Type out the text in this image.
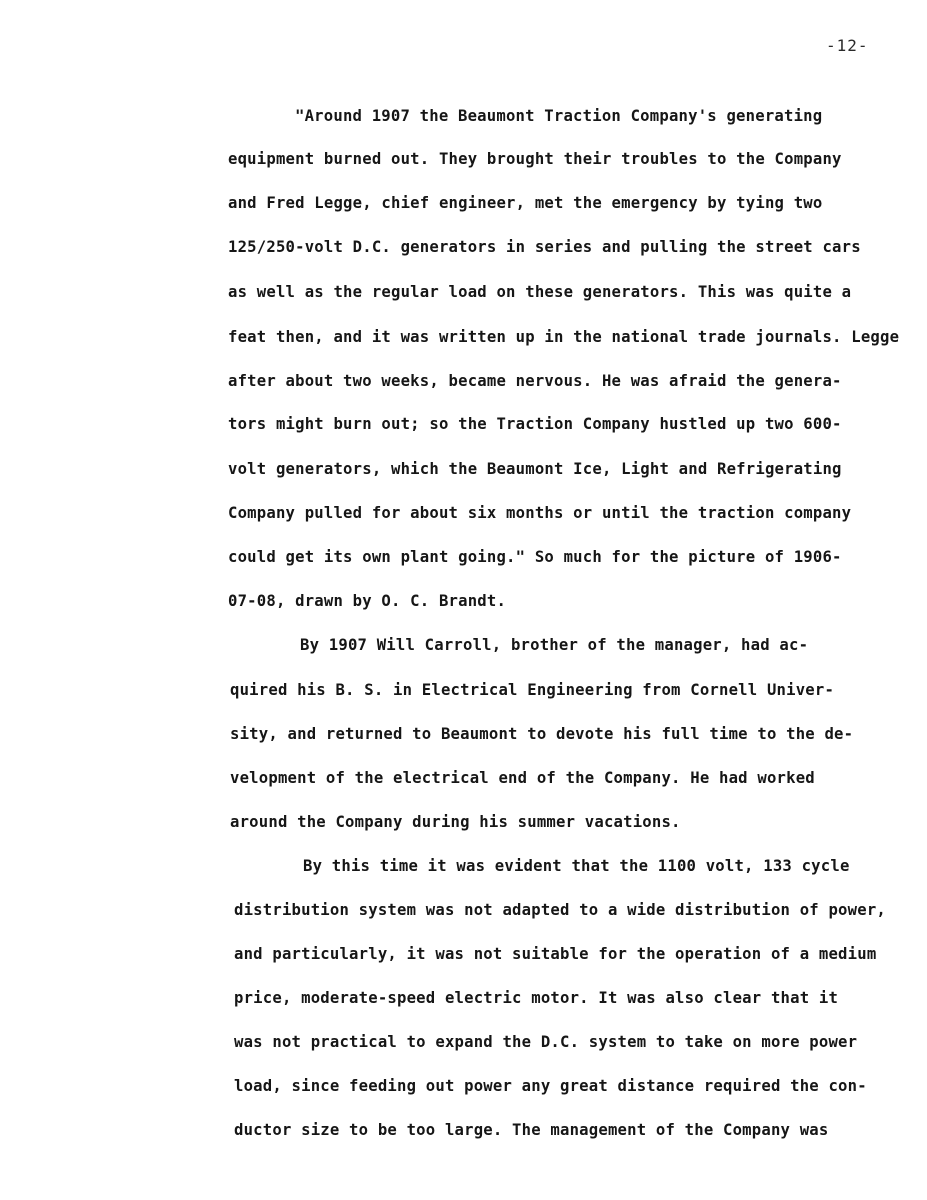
-12-
"Around 1907 the Beaumont Traction Company's generating
equipment burned out. They brought their troubles to the Company
and Fred Legge, chief engineer, met the emergency by tying two
125/250-volt D.C. generators in series and pulling the street cars
as well as the regular load on these generators. This was quite a
feat then, and it was written up in the national trade journals. Legge
after about two weeks, became nervous. He was afraid the genera-
tors might burn out; so the Traction Company hustled up two 600-
volt generators, which the Beaumont Ice, Light and Refrigerating
Company pulled for about six months or until the traction company
could get its own plant going." So much for the picture of 1906-
07-08, drawn by O. C. Brandt.
By 1907 Will Carroll, brother of the manager, had ac-
quired his B. S. in Electrical Engineering from Cornell Univer-
sity, and returned to Beaumont to devote his full time to the de-
velopment of the electrical end of the Company. He had worked
around the Company during his summer vacations.
By this time it was evident that the 1100 volt, 133 cycle
distribution system was not adapted to a wide distribution of power,
and particularly, it was not suitable for the operation of a medium
price, moderate-speed electric motor. It was also clear that it
was not practical to expand the D.C. system to take on more power
load, since feeding out power any great distance required the con-
ductor size to be too large. The management of the Company was
